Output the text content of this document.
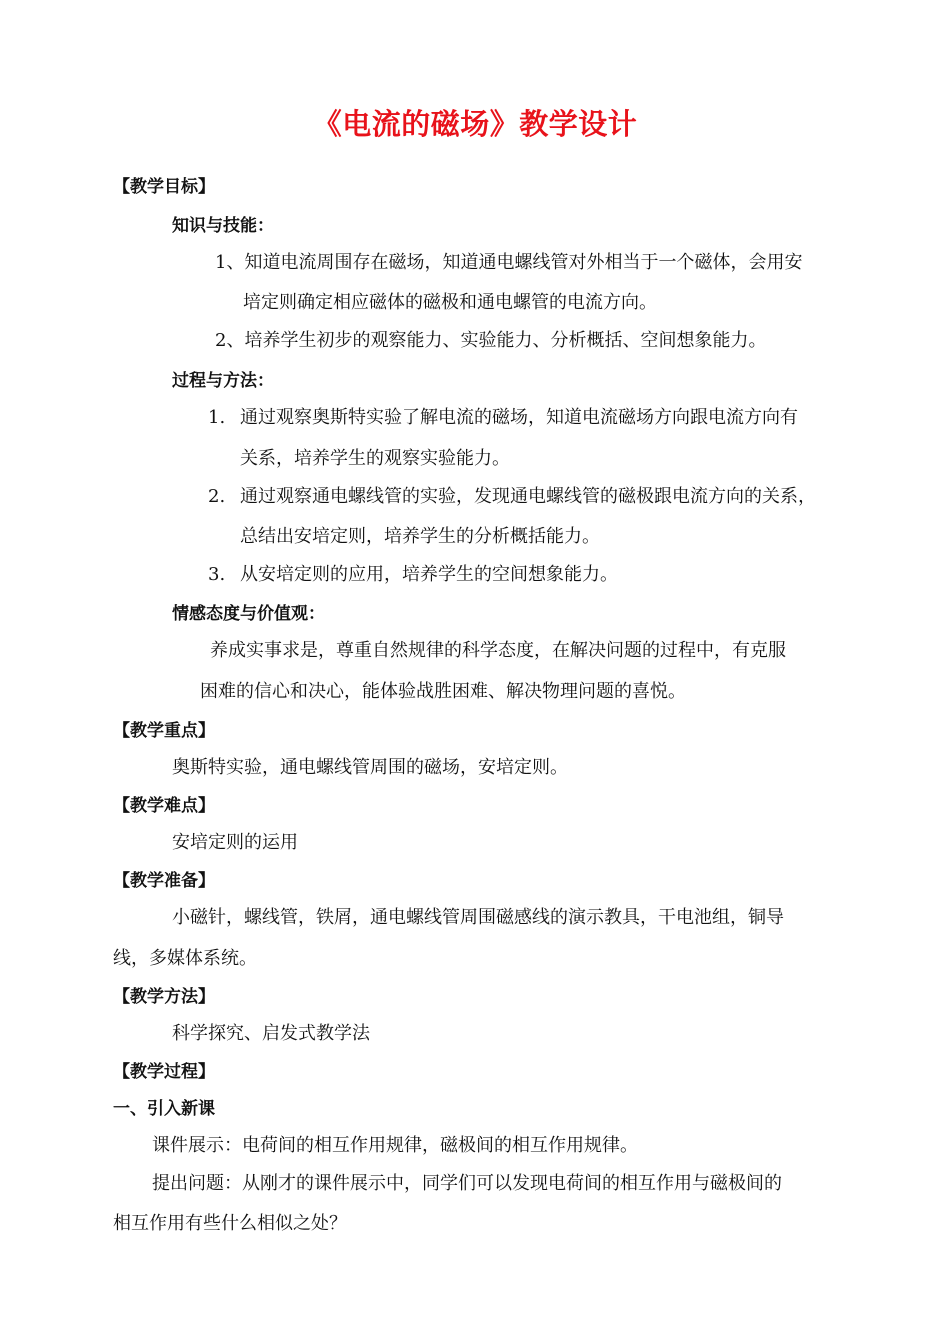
《电流的磁场》教学设计
【教学目标】
知识与技能：
1、知道电流周围存在磁场，知道通电螺线管对外相当于一个磁体，会用安
培定则确定相应磁体的磁极和通电螺管的电流方向。
2、培养学生初步的观察能力、实验能力、分析概括、空间想象能力。
过程与方法：
1. 通过观察奥斯特实验了解电流的磁场，知道电流磁场方向跟电流方向有
关系，培养学生的观察实验能力。
2. 通过观察通电螺线管的实验，发现通电螺线管的磁极跟电流方向的关系，
总结出安培定则，培养学生的分析概括能力。
3. 从安培定则的应用，培养学生的空间想象能力。
情感态度与价值观：
养成实事求是，尊重自然规律的科学态度，在解决问题的过程中，有克服
困难的信心和决心，能体验战胜困难、解决物理问题的喜悦。
【教学重点】
奥斯特实验，通电螺线管周围的磁场，安培定则。
【教学难点】
安培定则的运用
【教学准备】
小磁针，螺线管，铁屑，通电螺线管周围磁感线的演示教具，干电池组，铜导
线，多媒体系统。
【教学方法】
科学探究、启发式教学法
【教学过程】
一、引入新课
课件展示：电荷间的相互作用规律，磁极间的相互作用规律。
提出问题：从刚才的课件展示中，同学们可以发现电荷间的相互作用与磁极间的
相互作用有些什么相似之处？
